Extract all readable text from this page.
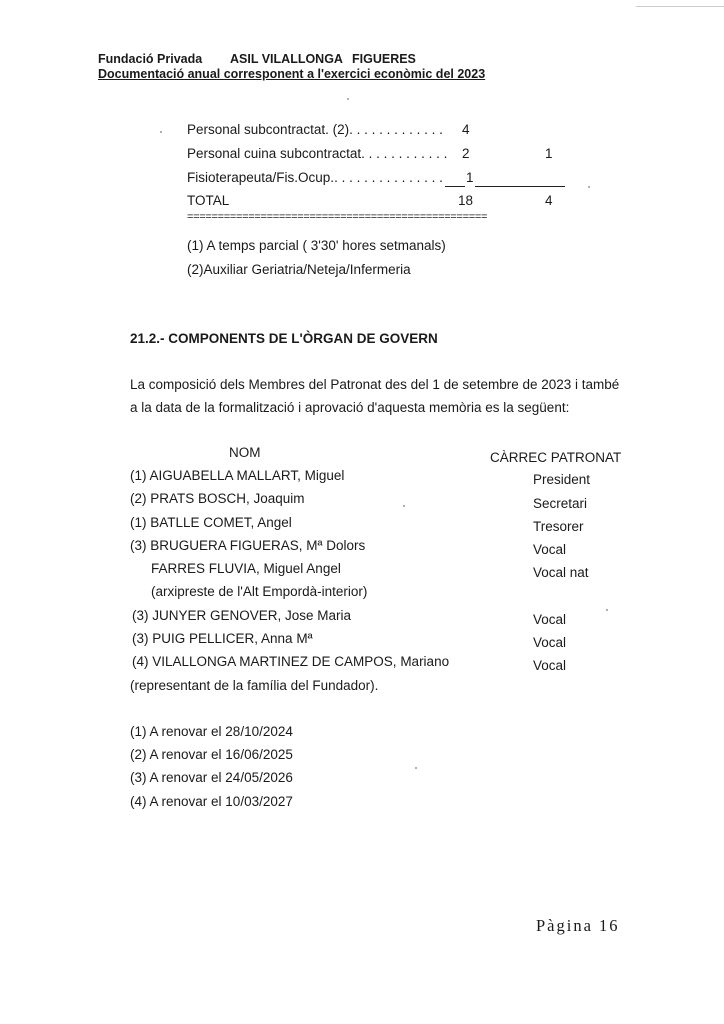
Fundació Privada ASIL VILALLONGA FIGUERES
Documentació anual corresponent a l'exercici econòmic del 2023
Personal subcontractat. (2). . . . . . . . . . . . . 4
Personal cuina subcontractat. . . . . . . . . . . . 2	1
Fisioterapeuta/Fis.Ocup.. . . . . . . . . . . . . . . 1
TOTAL	18	4
=================================================
(1) A temps parcial ( 3'30' hores setmanals)
(2)Auxiliar Geriatria/Neteja/Infermeria
21.2.- COMPONENTS DE L'ÒRGAN DE GOVERN
La composició dels Membres del Patronat des del 1 de setembre de 2023 i també
a la data de la formalització i aprovació d'aquesta memòria es la següent:
NOM	CÀRREC PATRONAT
(1) AIGUABELLA MALLART, Miguel	President
(2) PRATS BOSCH, Joaquim	Secretari
(1) BATLLE COMET, Angel	Tresorer
(3) BRUGUERA FIGUERAS, Mª Dolors	Vocal
FARRES FLUVIA, Miguel Angel	Vocal nat
(arxipreste de l'Alt Empordà-interior)
(3) JUNYER GENOVER, Jose Maria	Vocal
(3) PUIG PELLICER, Anna Mª	Vocal
(4) VILALLONGA MARTINEZ DE CAMPOS, Mariano	Vocal
(representant de la família del Fundador).
(1) A renovar el 28/10/2024
(2) A renovar el 16/06/2025
(3) A renovar el 24/05/2026
(4) A renovar el 10/03/2027
Pàgina 16
